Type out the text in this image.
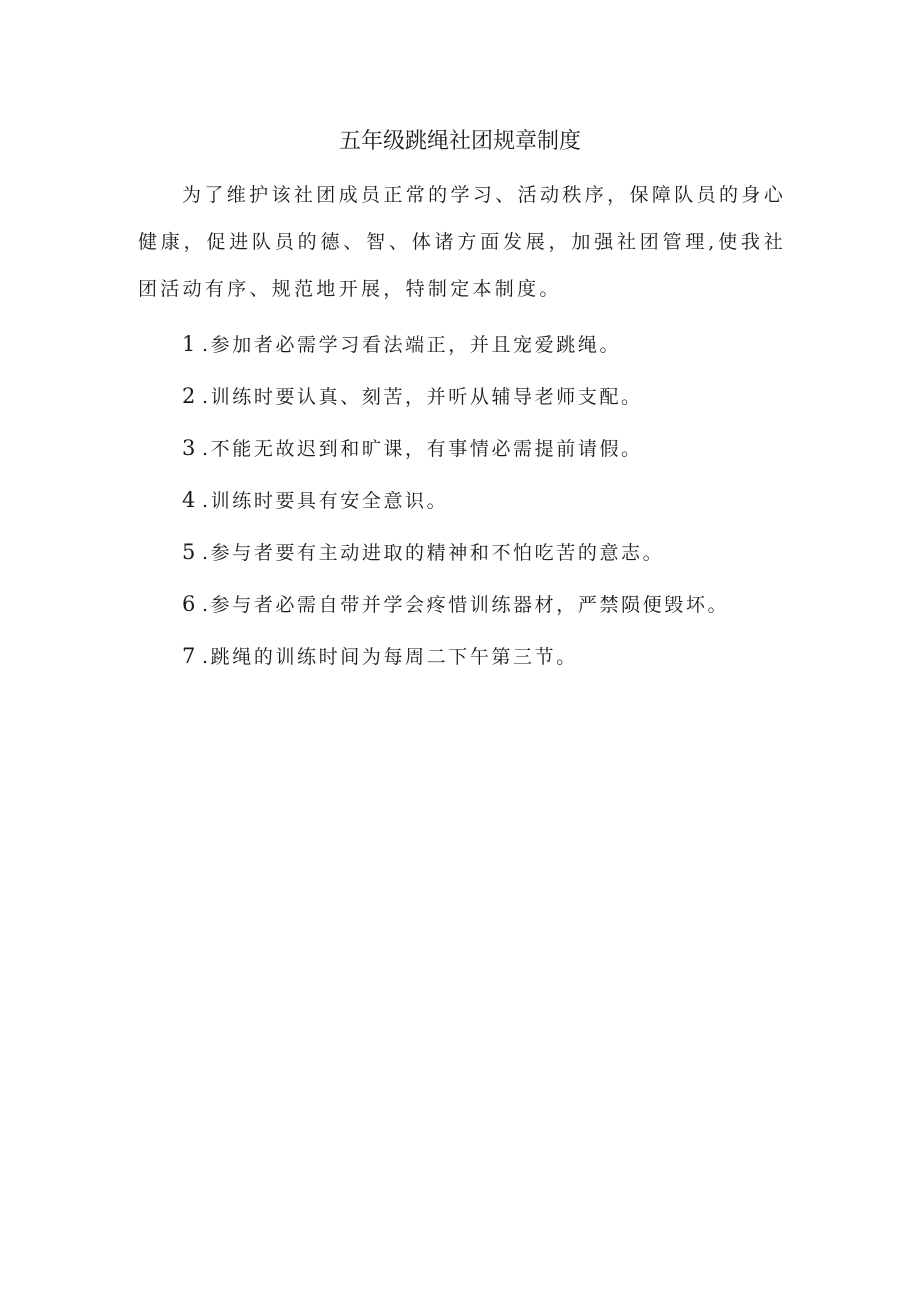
五年级跳绳社团规章制度

为了维护该社团成员正常的学习、活动秩序，保障队员的身心健康，促进队员的德、智、体诸方面发展，加强社团管理,使我社团活动有序、规范地开展，特制定本制度。

1 .参加者必需学习看法端正，并且宠爱跳绳。
2 .训练时要认真、刻苦，并听从辅导老师支配。
3 .不能无故迟到和旷课，有事情必需提前请假。
4 .训练时要具有安全意识。
5 .参与者要有主动进取的精神和不怕吃苦的意志。
6 .参与者必需自带并学会疼惜训练器材，严禁陨便毁坏。
7 .跳绳的训练时间为每周二下午第三节。
